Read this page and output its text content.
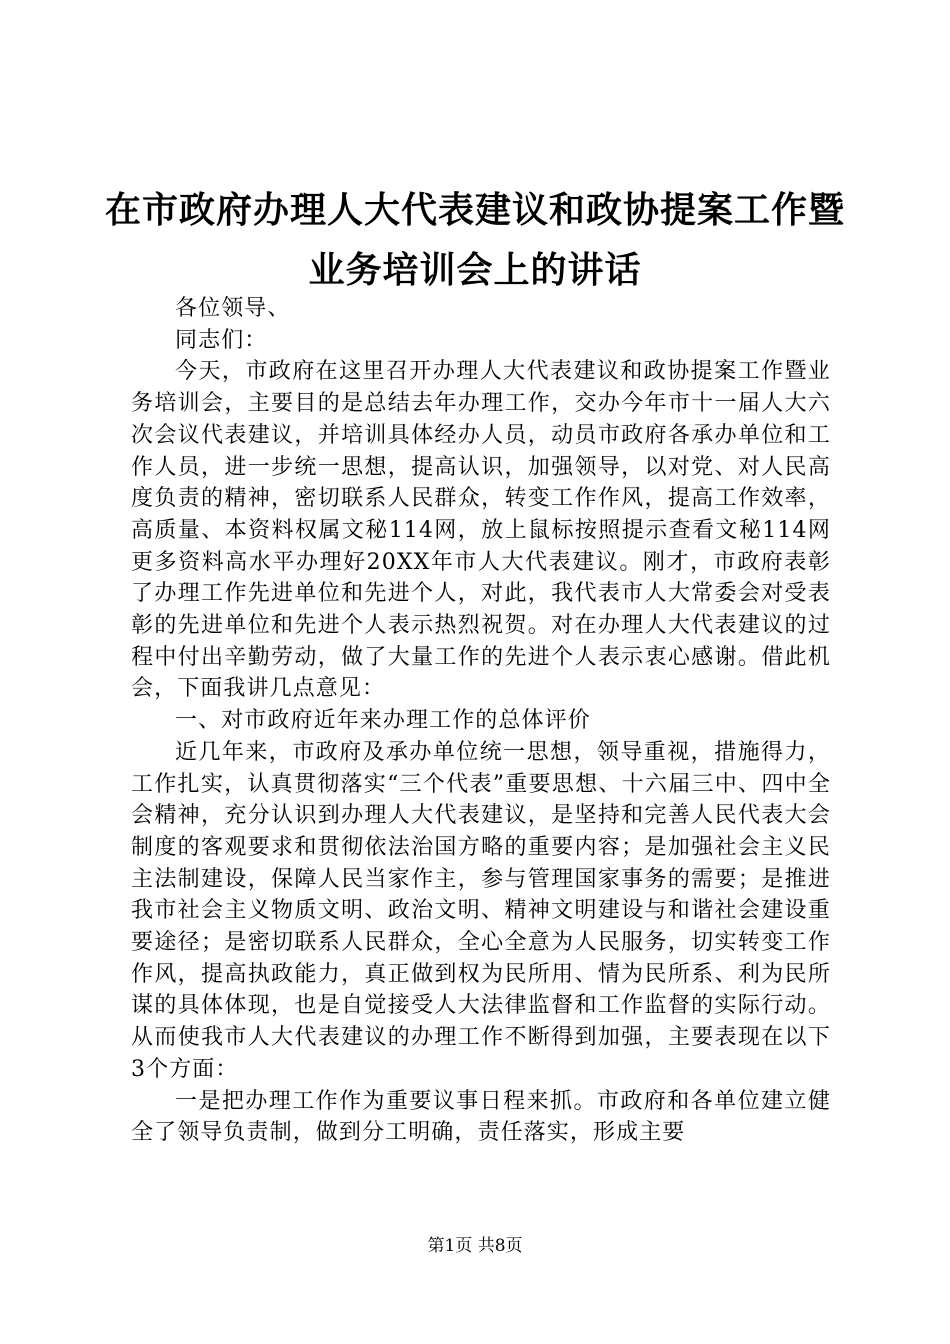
在市政府办理人大代表建议和政协提案工作暨
业务培训会上的讲话

各位领导、

同志们：

今天，市政府在这里召开办理人大代表建议和政协提案工作暨业务培训会，主要目的是总结去年办理工作，交办今年市十一届人大六次会议代表建议，并培训具体经办人员，动员市政府各承办单位和工作人员，进一步统一思想，提高认识，加强领导，以对党、对人民高度负责的精神，密切联系人民群众，转变工作作风，提高工作效率，高质量、本资料权属文秘114网，放上鼠标按照提示查看文秘114网更多资料高水平办理好20XX年市人大代表建议。刚才，市政府表彰了办理工作先进单位和先进个人，对此，我代表市人大常委会对受表彰的先进单位和先进个人表示热烈祝贺。对在办理人大代表建议的过程中付出辛勤劳动，做了大量工作的先进个人表示衷心感谢。借此机会，下面我讲几点意见：

一、对市政府近年来办理工作的总体评价

近几年来，市政府及承办单位统一思想，领导重视，措施得力，工作扎实，认真贯彻落实“三个代表”重要思想、十六届三中、四中全会精神，充分认识到办理人大代表建议，是坚持和完善人民代表大会制度的客观要求和贯彻依法治国方略的重要内容；是加强社会主义民主法制建设，保障人民当家作主，参与管理国家事务的需要；是推进我市社会主义物质文明、政治文明、精神文明建设与和谐社会建设重要途径；是密切联系人民群众，全心全意为人民服务，切实转变工作作风，提高执政能力，真正做到权为民所用、情为民所系、利为民所谋的具体体现，也是自觉接受人大法律监督和工作监督的实际行动。从而使我市人大代表建议的办理工作不断得到加强，主要表现在以下3个方面：

一是把办理工作作为重要议事日程来抓。市政府和各单位建立健全了领导负责制，做到分工明确，责任落实，形成主要

第1页 共8页
